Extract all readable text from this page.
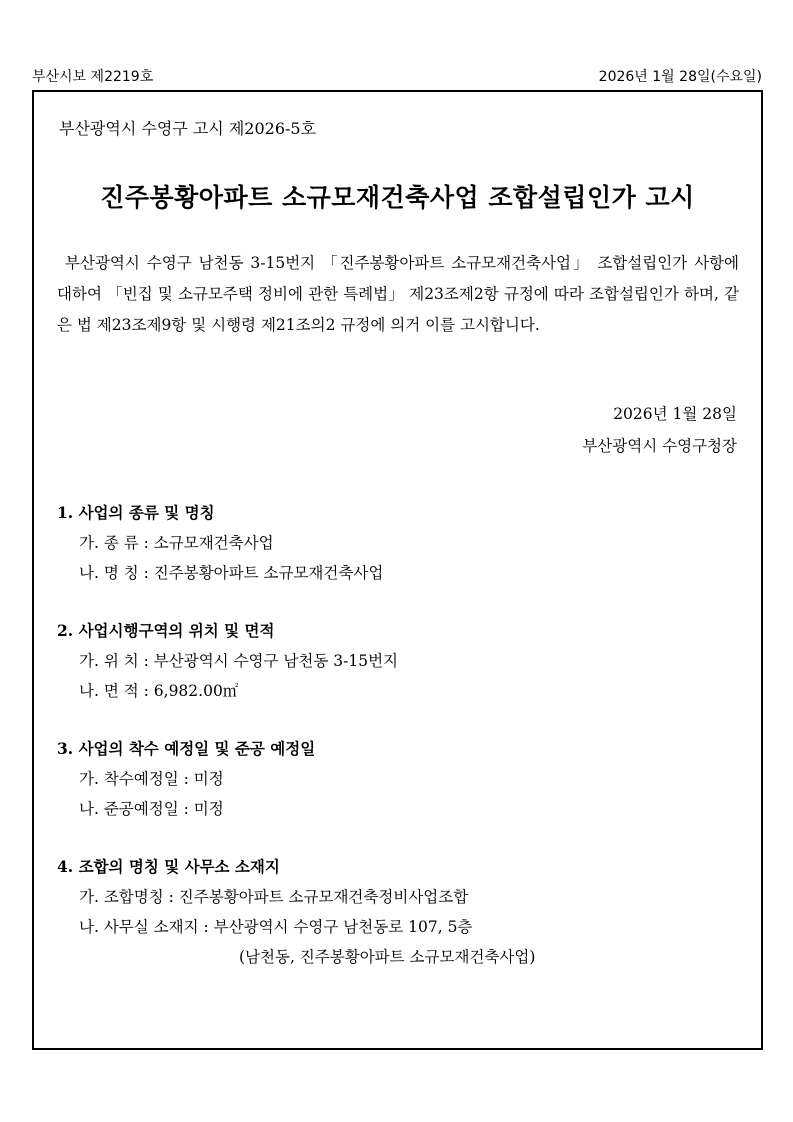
부산시보 제2219호	2026년 1월 28일(수요일)
부산광역시 수영구 고시 제2026-5호
진주봉황아파트 소규모재건축사업 조합설립인가 고시
부산광역시 수영구 남천동 3-15번지 「진주봉황아파트 소규모재건축사업」 조합설립인가 사항에 대하여 「빈집 및 소규모주택 정비에 관한 특례법」 제23조제2항 규정에 따라 조합설립인가 하며, 같은 법 제23조제9항 및 시행령 제21조의2 규정에 의거 이를 고시합니다.
2026년 1월 28일
부산광역시 수영구청장
1. 사업의 종류 및 명칭
가. 종 류 : 소규모재건축사업
나. 명 칭 : 진주봉황아파트 소규모재건축사업
2. 사업시행구역의 위치 및 면적
가. 위 치 : 부산광역시 수영구 남천동 3-15번지
나. 면 적 : 6,982.00㎡
3. 사업의 착수 예정일 및 준공 예정일
가. 착수예정일 : 미정
나. 준공예정일 : 미정
4. 조합의 명칭 및 사무소 소재지
가. 조합명칭 : 진주봉황아파트 소규모재건축정비사업조합
나. 사무실 소재지 : 부산광역시 수영구 남천동로 107, 5층
(남천동, 진주봉황아파트 소규모재건축사업)
